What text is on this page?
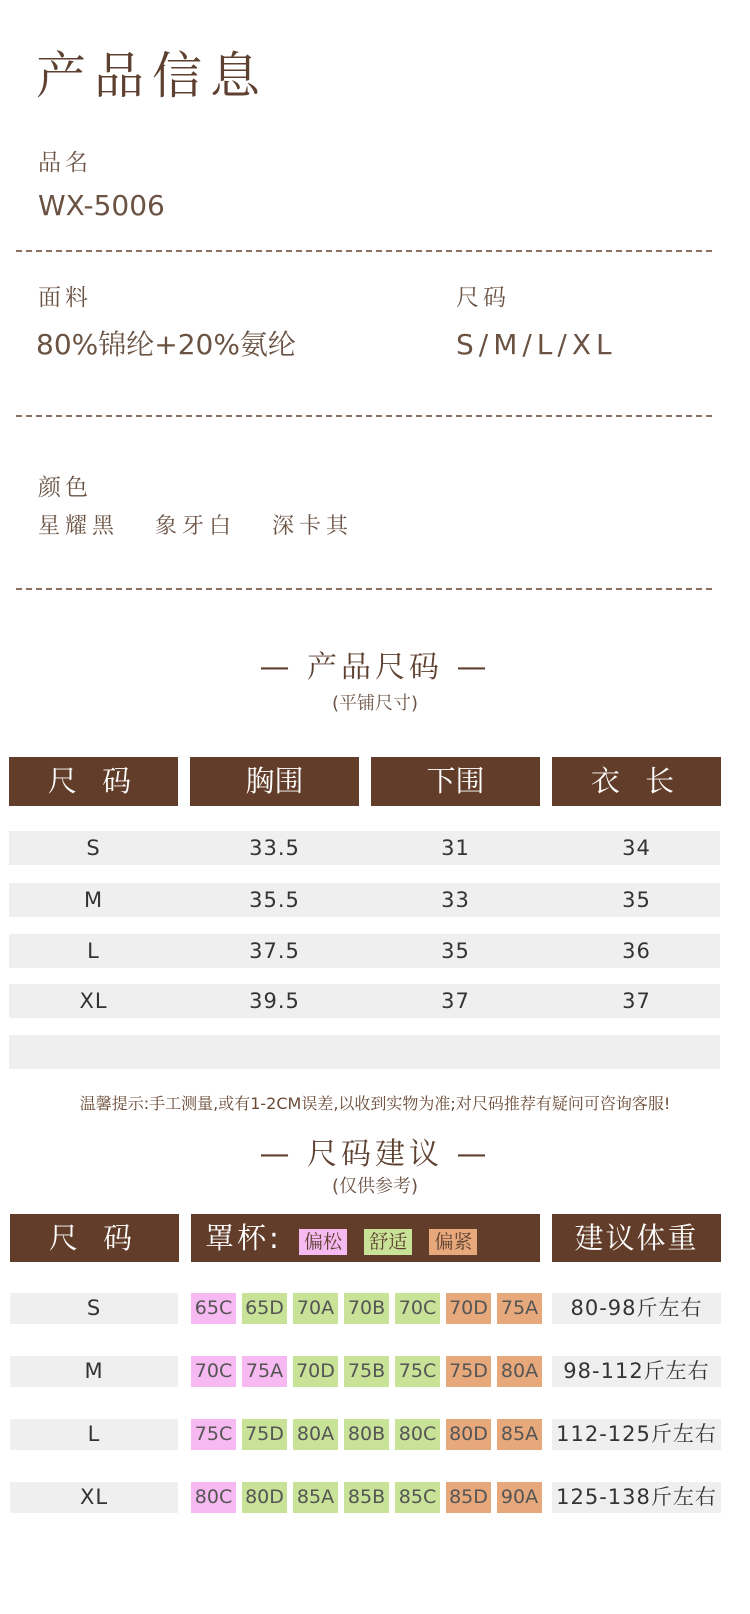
产品信息
品名
WX-5006
面料
80%锦纶+20%氨纶
尺码
S/M/L/XL
颜色
星耀黑 象牙白 深卡其
— 产品尺码 —
(平铺尺寸)
尺 码	胸围	下围	衣 长
S	33.5	31	34
M	35.5	33	35
L	37.5	35	36
XL	39.5	37	37
温馨提示:手工测量,或有1-2CM误差,以收到实物为准;对尺码推荐有疑问可咨询客服!
— 尺码建议 —
(仅供参考)
尺 码	罩杯: 偏松 舒适 偏紧	建议体重
S	65C 65D 70A 70B 70C 70D 75A	80-98斤左右
M	70C 75A 70D 75B 75C 75D 80A	98-112斤左右
L	75C 75D 80A 80B 80C 80D 85A 112-125斤左右
XL	80C 80D 85A 85B 85C 85D 90A 125-138斤左右
